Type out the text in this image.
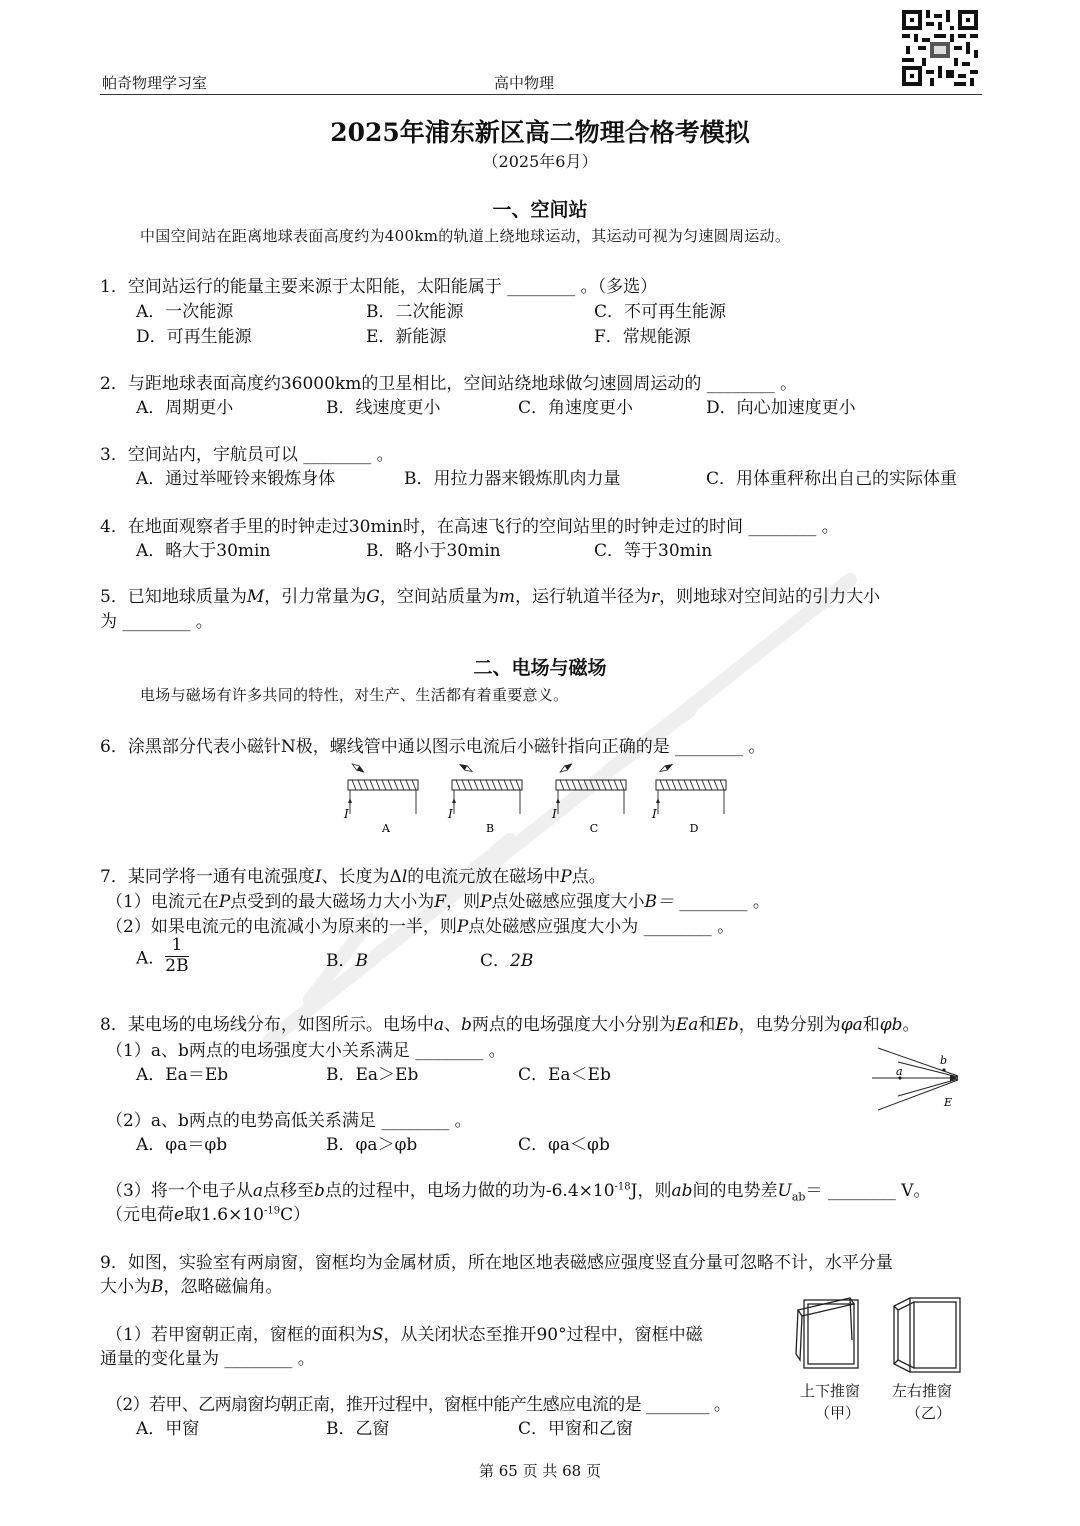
帕奇物理学习室	高中物理
2025年浦东新区高二物理合格考模拟
（2025年6月）
一、空间站
中国空间站在距离地球表面高度约为400km的轨道上绕地球运动，其运动可视为匀速圆周运动。
1．空间站运行的能量主要来源于太阳能，太阳能属于 ________ 。（多选）
A．一次能源	B．二次能源	C．不可再生能源
D．可再生能源	E．新能源	F．常规能源
2．与距地球表面高度约36000km的卫星相比，空间站绕地球做匀速圆周运动的 ________ 。
A．周期更小	B．线速度更小	C．角速度更小	D．向心加速度更小
3．空间站内，宇航员可以 ________ 。
A．通过举哑铃来锻炼身体	B．用拉力器来锻炼肌肉力量	C．用体重秤称出自己的实际体重
4．在地面观察者手里的时钟走过30min时，在高速飞行的空间站里的时钟走过的时间 ________ 。
A．略大于30min	B．略小于30min	C．等于30min
5．已知地球质量为M，引力常量为G，空间站质量为m，运行轨道半径为r，则地球对空间站的引力大小
为 ________ 。
二、电场与磁场
电场与磁场有许多共同的特性，对生产、生活都有着重要意义。
6．涂黑部分代表小磁针N极，螺线管中通以图示电流后小磁针指向正确的是 ________ 。
I	I	I	I
A	B	C	D
7．某同学将一通有电流强度I、长度为Δl的电流元放在磁场中P点。
（1）电流元在P点受到的最大磁场力大小为F，则P点处磁感应强度大小B＝ ________ 。
（2）如果电流元的电流减小为原来的一半，则P点处磁感应强度大小为 ________ 。
A． $\frac{1}{2B}$	B．B	C．2B
8．某电场的电场线分布，如图所示。电场中a、b两点的电场强度大小分别为Ea和Eb，电势分别为φa和φb。
（1）a、b两点的电场强度大小关系满足 ________ 。
A．Ea＝Eb	B．Ea＞Eb	C．Ea＜Eb	a
b
E
（2）a、b两点的电势高低关系满足 ________ 。
A．φa＝φb	B．φa＞φb	C．φa＜φb
（3）将一个电子从a点移至b点的过程中，电场力做的功为$-6.4\times 10^{-18}J$，则ab间的电势差$U_{ab}=$ ________ V。
（元电荷e取$1.6\times 10^{-19}C$）
9．如图，实验室有两扇窗，窗框均为金属材质，所在地区地表磁感应强度竖直分量可忽略不计，水平分量
大小为B，忽略磁偏角。
（1）若甲窗朝正南，窗框的面积为S，从关闭状态至推开90°过程中，窗框中磁
通量的变化量为 ________ 。
（2）若甲、乙两扇窗均朝正南，推开过程中，窗框中能产生感应电流的是 ________ 。
A．甲窗	B．乙窗	C．甲窗和乙窗
上下推窗
（甲）
左右推窗
（乙）
第 65 页 共 68 页
